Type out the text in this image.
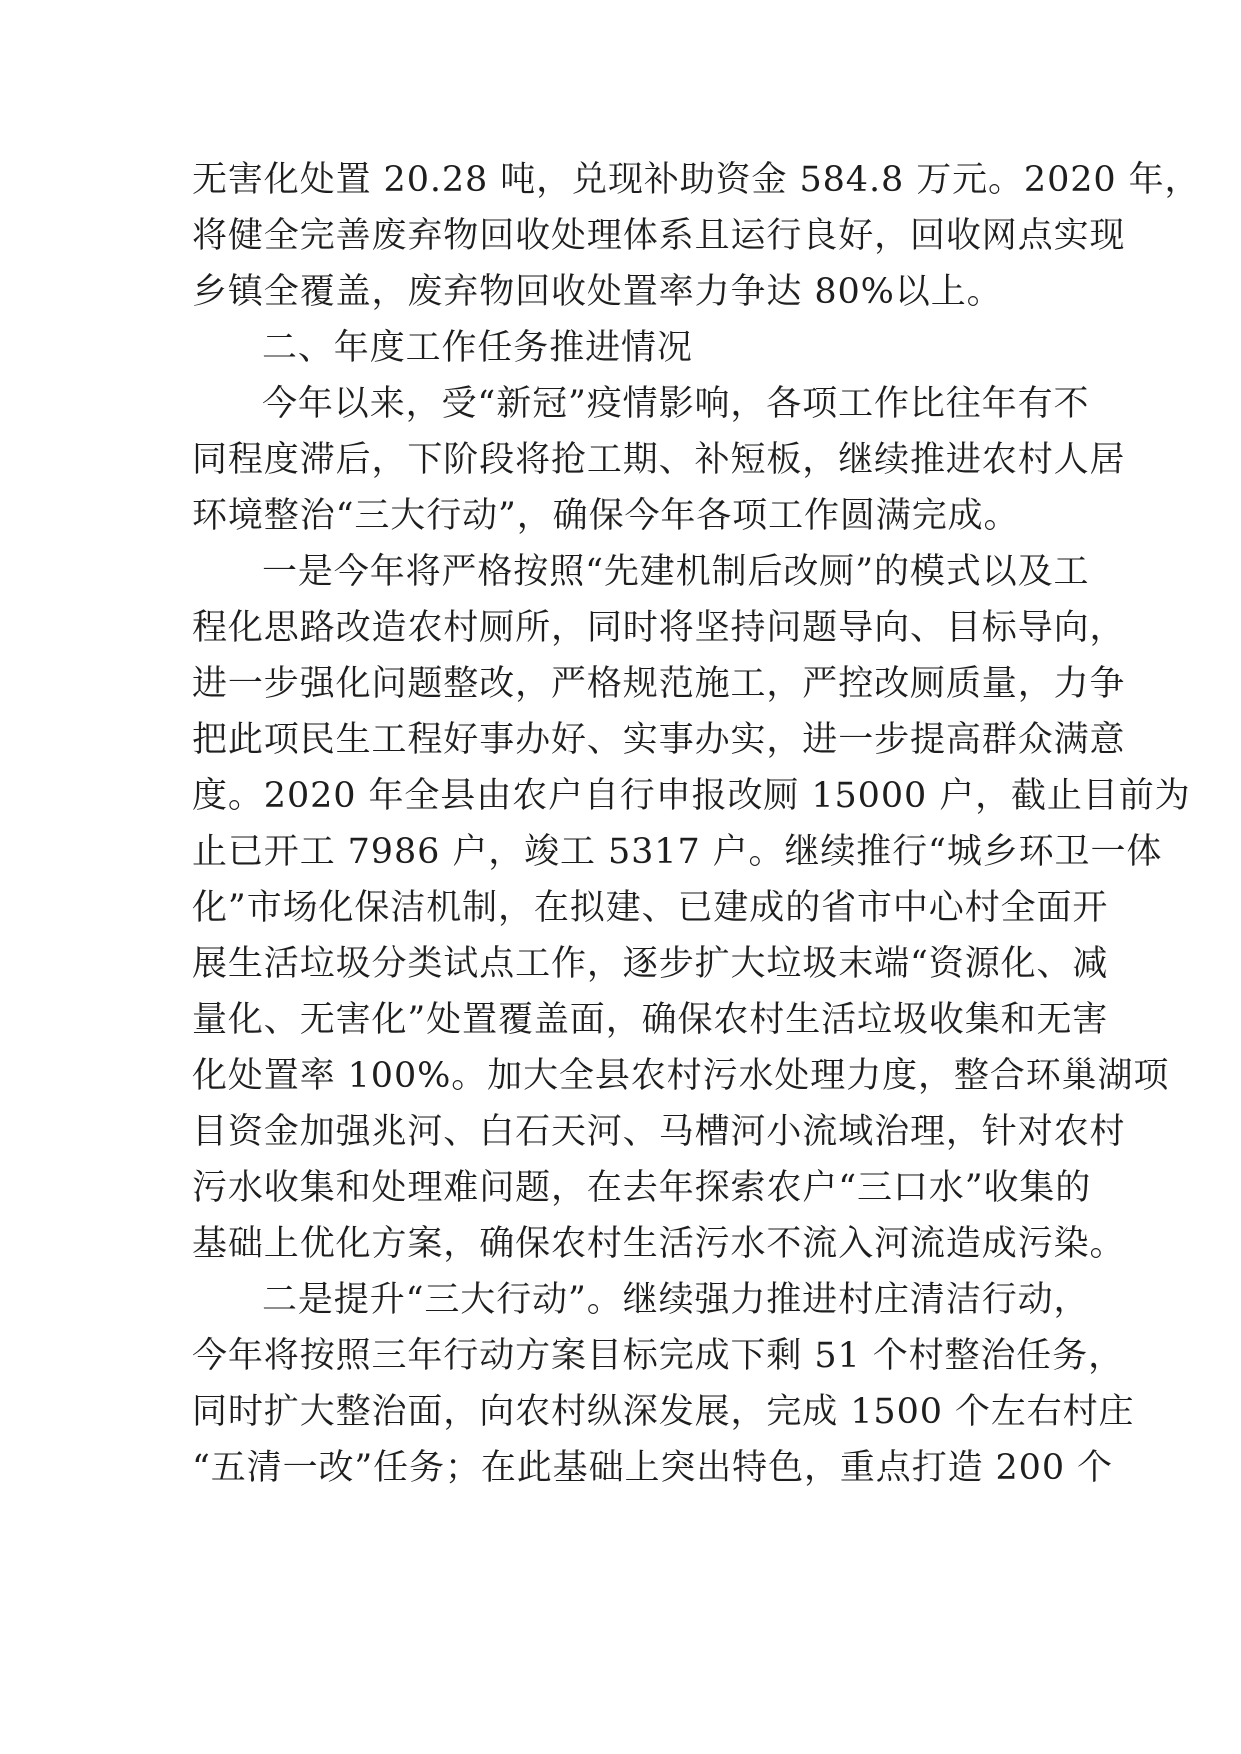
无害化处置 20.28 吨，兑现补助资金 584.8 万元。2020 年，
将健全完善废弃物回收处理体系且运行良好，回收网点实现
乡镇全覆盖，废弃物回收处置率力争达 80%以上。
二、年度工作任务推进情况
今年以来，受“新冠”疫情影响，各项工作比往年有不
同程度滞后，下阶段将抢工期、补短板，继续推进农村人居
环境整治“三大行动”，确保今年各项工作圆满完成。
一是今年将严格按照“先建机制后改厕”的模式以及工
程化思路改造农村厕所，同时将坚持问题导向、目标导向，
进一步强化问题整改，严格规范施工，严控改厕质量，力争
把此项民生工程好事办好、实事办实，进一步提高群众满意
度。2020 年全县由农户自行申报改厕 15000 户，截止目前为
止已开工 7986 户，竣工 5317 户。继续推行“城乡环卫一体
化”市场化保洁机制，在拟建、已建成的省市中心村全面开
展生活垃圾分类试点工作，逐步扩大垃圾末端“资源化、减
量化、无害化”处置覆盖面，确保农村生活垃圾收集和无害
化处置率 100%。加大全县农村污水处理力度，整合环巢湖项
目资金加强兆河、白石天河、马槽河小流域治理，针对农村
污水收集和处理难问题，在去年探索农户“三口水”收集的
基础上优化方案，确保农村生活污水不流入河流造成污染。
二是提升“三大行动”。继续强力推进村庄清洁行动，
今年将按照三年行动方案目标完成下剩 51 个村整治任务，
同时扩大整治面，向农村纵深发展，完成 1500 个左右村庄
“五清一改”任务；在此基础上突出特色，重点打造 200 个
